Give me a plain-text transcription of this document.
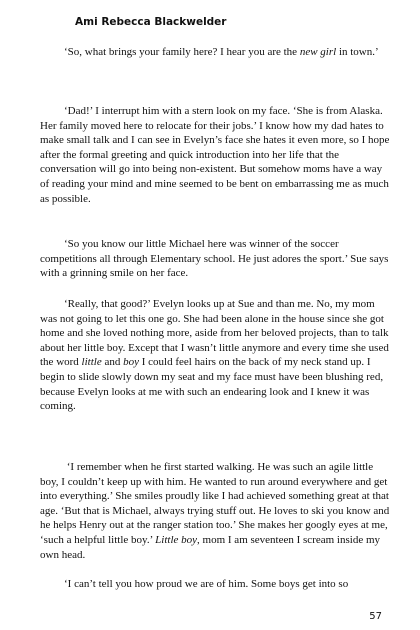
Ami Rebecca Blackwelder
‘So, what brings your family here? I hear you are the new girl in town.’
‘Dad!’ I interrupt him with a stern look on my face. ‘She is from Alaska. Her family moved here to relocate for their jobs.’ I know how my dad hates to make small talk and I can see in Evelyn’s face she hates it even more, so I hope after the formal greeting and quick introduction into her life that the conversation will go into being non-existent. But somehow moms have a way of reading your mind and mine seemed to be bent on embarrassing me as much as possible.
‘So you know our little Michael here was winner of the soccer competitions all through Elementary school. He just adores the sport.’ Sue says with a grinning smile on her face.
‘Really, that good?’ Evelyn looks up at Sue and than me. No, my mom was not going to let this one go. She had been alone in the house since she got home and she loved nothing more, aside from her beloved projects, than to talk about her little boy. Except that I wasn’t little anymore and every time she used the word little and boy I could feel hairs on the back of my neck stand up. I begin to slide slowly down my seat and my face must have been blushing red, because Evelyn looks at me with such an endearing look and I knew it was coming.
‘I remember when he first started walking. He was such an agile little boy, I couldn’t keep up with him. He wanted to run around everywhere and get into everything.’ She smiles proudly like I had achieved something great at that age. ‘But that is Michael, always trying stuff out. He loves to ski you know and he helps Henry out at the ranger station too.’ She makes her googly eyes at me, ‘such a helpful little boy.’ Little boy, mom I am seventeen I scream inside my own head.
‘I can’t tell you how proud we are of him. Some boys get into so
57
